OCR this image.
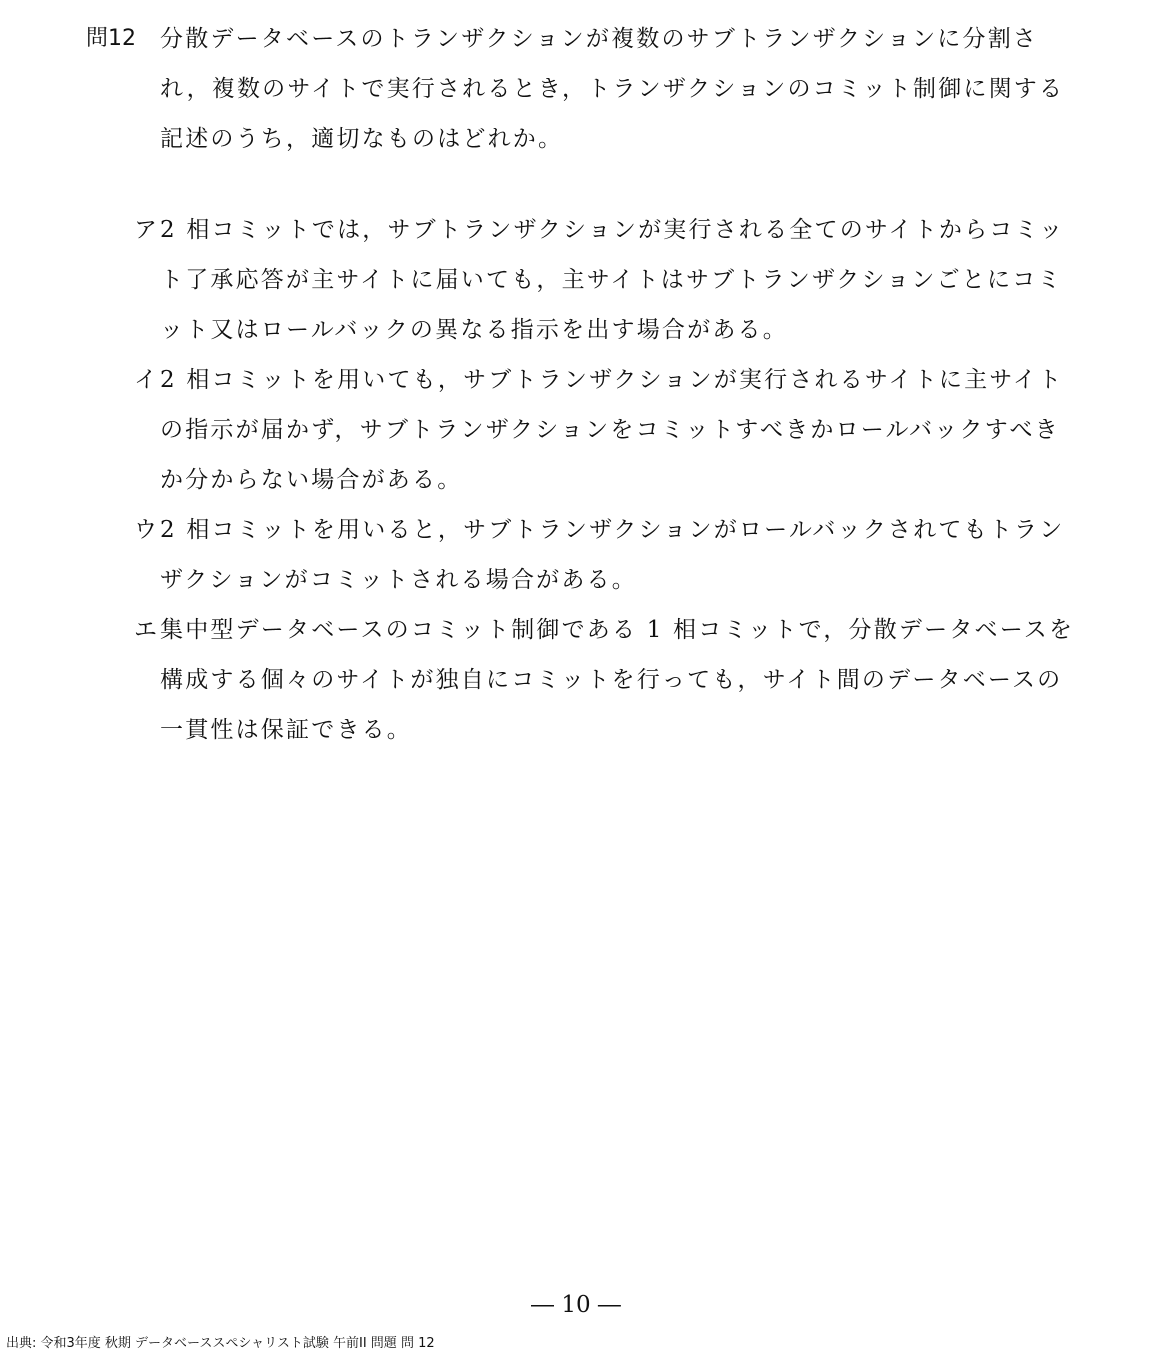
問12	分散データベースのトランザクションが複数のサブトランザクションに分割され，複数のサイトで実行されるとき，トランザクションのコミット制御に関する記述のうち，適切なものはどれか。
ア 2 相コミットでは，サブトランザクションが実行される全てのサイトからコミット了承応答が主サイトに届いても，主サイトはサブトランザクションごとにコミット又はロールバックの異なる指示を出す場合がある。
イ 2 相コミットを用いても，サブトランザクションが実行されるサイトに主サイトの指示が届かず，サブトランザクションをコミットすべきかロールバックすべきか分からない場合がある。
ウ 2 相コミットを用いると，サブトランザクションがロールバックされてもトランザクションがコミットされる場合がある。
エ 集中型データベースのコミット制御である 1 相コミットで，分散データベースを構成する個々のサイトが独自にコミットを行っても，サイト間のデータベースの一貫性は保証できる。
― 10 ―
出典: 令和3年度 秋期 データベーススペシャリスト試験 午前II 問題 問 12
